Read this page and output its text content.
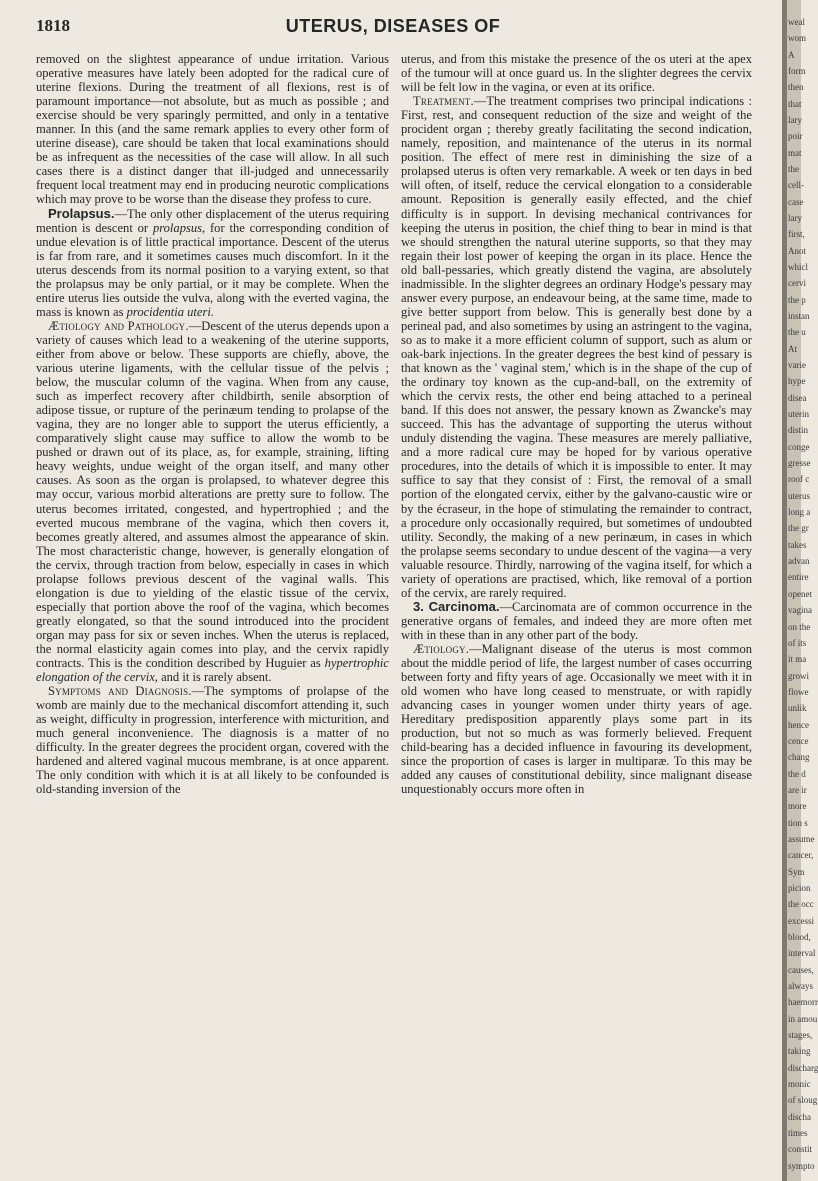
1818	UTERUS, DISEASES OF

removed on the slightest appearance of undue irritation. Various operative measures have lately been adopted for the radical cure of uterine flexions. During the treatment of all flexions, rest is of paramount importance—not absolute, but as much as possible ; and exercise should be very sparingly permitted, and only in a tentative manner. In this (and the same remark applies to every other form of uterine disease), care should be taken that local examinations should be as infrequent as the necessities of the case will allow. In all such cases there is a distinct danger that ill-judged and unnecessarily frequent local treatment may end in producing neurotic complications which may prove to be worse than the disease they profess to cure.

Prolapsus.—The only other displacement of the uterus requiring mention is descent or prolapsus, for the corresponding condition of undue elevation is of little practical importance. Descent of the uterus is far from rare, and it sometimes causes much discomfort. In it the uterus descends from its normal position to a varying extent, so that the prolapsus may be only partial, or it may be complete. When the entire uterus lies outside the vulva, along with the everted vagina, the mass is known as procidentia uteri.

Ætiology and Pathology.—Descent of the uterus depends upon a variety of causes which lead to a weakening of the uterine supports, either from above or below. These supports are chiefly, above, the various uterine ligaments, with the cellular tissue of the pelvis ; below, the muscular column of the vagina. When from any cause, such as imperfect recovery after childbirth, senile absorption of adipose tissue, or rupture of the perinæum tending to prolapse of the vagina, they are no longer able to support the uterus efficiently, a comparatively slight cause may suffice to allow the womb to be pushed or drawn out of its place, as, for example, straining, lifting heavy weights, undue weight of the organ itself, and many other causes. As soon as the organ is prolapsed, to whatever degree this may occur, various morbid alterations are pretty sure to follow. The uterus becomes irritated, congested, and hypertrophied ; and the everted mucous membrane of the vagina, which then covers it, becomes greatly altered, and assumes almost the appearance of skin. The most characteristic change, however, is generally elongation of the cervix, through traction from below, especially in cases in which prolapse follows previous descent of the vaginal walls. This elongation is due to yielding of the elastic tissue of the cervix, especially that portion above the roof of the vagina, which becomes greatly elongated, so that the sound introduced into the procident organ may pass for six or seven inches. When the uterus is replaced, the normal elasticity again comes into play, and the cervix rapidly contracts. This is the condition described by Huguier as hypertrophic elongation of the cervix, and it is rarely absent.

Symptoms and Diagnosis.—The symptoms of prolapse of the womb are mainly due to the mechanical discomfort attending it, such as weight, difficulty in progression, interference with micturition, and much general inconvenience. The diagnosis is a matter of no difficulty. In the greater degrees the procident organ, covered with the hardened and altered vaginal mucous membrane, is at once apparent. The only condition with which it is at all likely to be confounded is old-standing inversion of the

uterus, and from this mistake the presence of the os uteri at the apex of the tumour will at once guard us. In the slighter degrees the cervix will be felt low in the vagina, or even at its orifice.

Treatment.—The treatment comprises two principal indications : First, rest, and consequent reduction of the size and weight of the procident organ ; thereby greatly facilitating the second indication, namely, reposition, and maintenance of the uterus in its normal position. The effect of mere rest in diminishing the size of a prolapsed uterus is often very remarkable. A week or ten days in bed will often, of itself, reduce the cervical elongation to a considerable amount. Reposition is generally easily effected, and the chief difficulty is in support. In devising mechanical contrivances for keeping the uterus in position, the chief thing to bear in mind is that we should strengthen the natural uterine supports, so that they may regain their lost power of keeping the organ in its place. Hence the old ball-pessaries, which greatly distend the vagina, are absolutely inadmissible. In the slighter degrees an ordinary Hodge's pessary may answer every purpose, an endeavour being, at the same time, made to give better support from below. This is generally best done by a perineal pad, and also sometimes by using an astringent to the vagina, so as to make it a more efficient column of support, such as alum or oak-bark injections. In the greater degrees the best kind of pessary is that known as the ' vaginal stem,' which is in the shape of the cup of the ordinary toy known as the cup-and-ball, on the extremity of which the cervix rests, the other end being attached to a perineal band. If this does not answer, the pessary known as Zwancke's may succeed. This has the advantage of supporting the uterus without unduly distending the vagina. These measures are merely palliative, and a more radical cure may be hoped for by various operative procedures, into the details of which it is impossible to enter. It may suffice to say that they consist of : First, the removal of a small portion of the elongated cervix, either by the galvano-caustic wire or by the écraseur, in the hope of stimulating the remainder to contract, a procedure only occasionally required, but sometimes of undoubted utility. Secondly, the making of a new perinæum, in cases in which the prolapse seems secondary to undue descent of the vagina—a very valuable resource. Thirdly, narrowing of the vagina itself, for which a variety of operations are practised, which, like removal of a portion of the cervix, are rarely required.

3. Carcinoma.—Carcinomata are of common occurrence in the generative organs of females, and indeed they are more often met with in these than in any other part of the body.

Ætiology.—Malignant disease of the uterus is most common about the middle period of life, the largest number of cases occurring between forty and fifty years of age. Occasionally we meet with it in old women who have long ceased to menstruate, or with rapidly advancing cases in younger women under thirty years of age. Hereditary predisposition apparently plays some part in its production, but not so much as was formerly believed. Frequent child-bearing has a decided influence in favouring its development, since the proportion of cases is larger in multiparæ. To this may be added any causes of constitutional debility, since malignant disease unquestionably occurs more often in

weal
wom
A
form
then
that
lary
poir
mat
the
cell-
case
lary
first,
Anot
whicl
cervi
the p
instan
the u
At
varie
hype
disea
uterin
distin
conge
gresse
roof c
uterus
long a
the gr
takes
advan
entire
openet
vagina
on the
of its
it ma
growi
flowe
unlik
hence
cence
chang
the d
are ir
more
tion s
assume
cancer,
Sym
picion
the occ
excessi
blood,
interval
causes,
always
haemorr
in amou
stages,
taking
discharg
monic
of sloug
discha
times
constit
sympto
